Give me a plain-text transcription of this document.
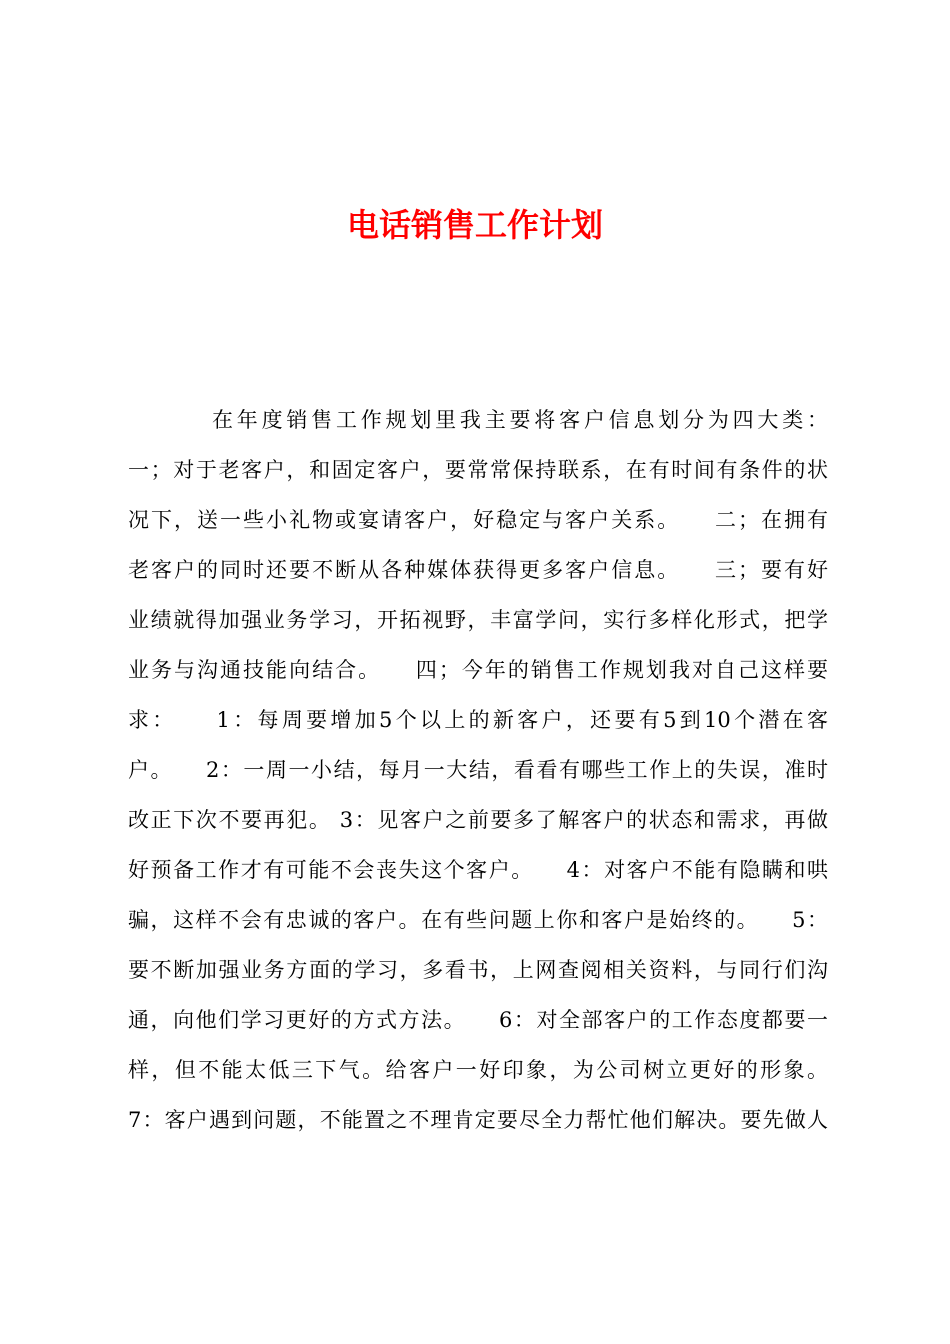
电话销售工作计划
在年度销售工作规划里我主要将客户信息划分为四大类：
一；对于老客户，和固定客户，要常常保持联系，在有时间有条件的状
况下，送一些小礼物或宴请客户，好稳定与客户关系。    二；在拥有
老客户的同时还要不断从各种媒体获得更多客户信息。    三；要有好
业绩就得加强业务学习，开拓视野，丰富学问，实行多样化形式，把学
业务与沟通技能向结合。    四；今年的销售工作规划我对自己这样要
求：    1：每周要增加5个以上的新客户，还要有5到10个潜在客
户。    2：一周一小结，每月一大结，看看有哪些工作上的失误，准时
改正下次不要再犯。 3：见客户之前要多了解客户的状态和需求，再做
好预备工作才有可能不会丧失这个客户。    4：对客户不能有隐瞒和哄
骗，这样不会有忠诚的客户。在有些问题上你和客户是始终的。    5：
要不断加强业务方面的学习，多看书，上网查阅相关资料，与同行们沟
通，向他们学习更好的方式方法。    6：对全部客户的工作态度都要一
样，但不能太低三下气。给客户一好印象，为公司树立更好的形象。
7：客户遇到问题，不能置之不理肯定要尽全力帮忙他们解决。要先做人
